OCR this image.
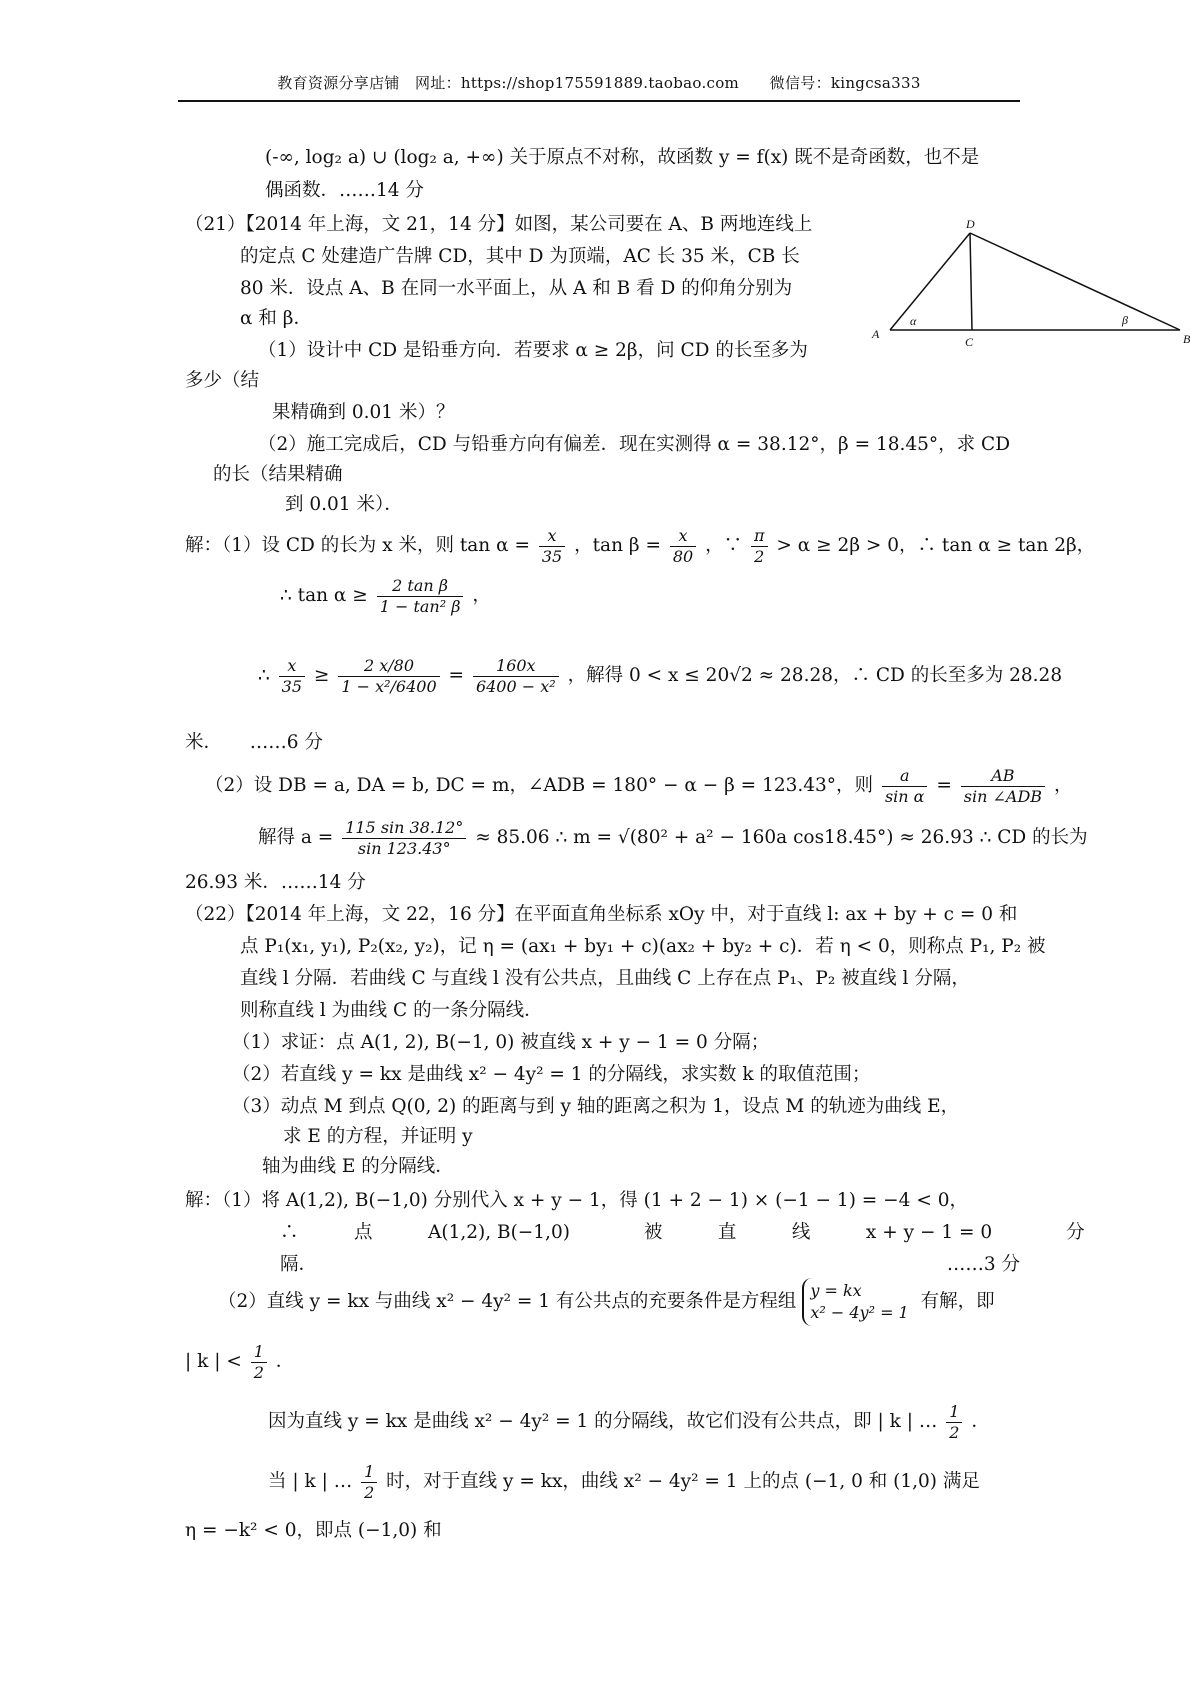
教育资源分享店铺　网址：https://shop175591889.taobao.com　　微信号：kingcsa333
(-∞, log₂ a) ∪ (log₂ a, +∞) 关于原点不对称，故函数 y = f(x) 既不是奇函数，也不是
偶函数．……14 分
（21）【2014 年上海，文 21，14 分】如图，某公司要在 A、B 两地连线上
的定点 C 处建造广告牌 CD，其中 D 为顶端，AC 长 35 米，CB 长
80 米．设点 A、B 在同一水平面上，从 A 和 B 看 D 的仰角分别为
α 和 β．
（1）设计中 CD 是铅垂方向．若要求 α ≥ 2β，问 CD 的长至多为
多少（结
果精确到 0.01 米）？
（2）施工完成后，CD 与铅垂方向有偏差．现在实测得 α = 38.12°，β = 18.45°，求 CD
的长（结果精确
到 0.01 米）．
A	B
C
D
α	β
解：（1）设 CD 的长为 x 米，则 $\tan \alpha = \frac{x}{35}$ ，$\tan \beta = \frac{x}{80}$ ，∵ $\frac{\pi}{2} > \alpha \ge 2\beta > 0$，∴ tan α ≥ tan 2β，
∴ $\tan \alpha \ge \frac{\text{2 tan β}}{\text{1 − tan² β}}$ ，
∴ $\frac{x}{35} \ge \frac{2 x/80}{\text{1 − x²/6400}} = \frac{160x}{\text{6400 − x²}}$ ，解得 0 < x ≤ 20√2 ≈ 28.28，∴ CD 的长至多为 28.28
米．　　……6 分
（2）设 DB = a, DA = b, DC = m，∠ADB = 180° − α − β = 123.43°，则 $\frac{a}{\text{sin α}} = \frac{AB}{\text{sin ∠ADB}}$ ，
解得 $a = \frac{115 \sin 38.12^\circ}{\sin 123.43^\circ} \approx 85.06$ ∴ m = √(80² + a² − 160a cos18.45°) ≈ 26.93 ∴ CD 的长为
26.93 米．……14 分
（22）【2014 年上海，文 22，16 分】在平面直角坐标系 xOy 中，对于直线 l: ax + by + c = 0 和
点 P₁(x₁, y₁), P₂(x₂, y₂)，记 η = (ax₁ + by₁ + c)(ax₂ + by₂ + c)．若 η < 0，则称点 P₁, P₂ 被
直线 l 分隔．若曲线 C 与直线 l 没有公共点，且曲线 C 上存在点 P₁、P₂ 被直线 l 分隔，
则称直线 l 为曲线 C 的一条分隔线．
（1）求证：点 A(1, 2), B(−1, 0) 被直线 x + y − 1 = 0 分隔；
（2）若直线 y = kx 是曲线 x² − 4y² = 1 的分隔线，求实数 k 的取值范围；
（3）动点 M 到点 Q(0, 2) 的距离与到 y 轴的距离之积为 1，设点 M 的轨迹为曲线 E，
求 E 的方程，并证明 y
轴为曲线 E 的分隔线．
解：（1）将 A(1,2), B(−1,0) 分别代入 x + y − 1，得 (1 + 2 − 1) × (−1 − 1) = −4 < 0，
∴　　　点　　　A(1,2), B(−1,0)　　　　被　　　直　　　线　　　x + y − 1 = 0　　　　分
隔．	……3 分
（2）直线 y = kx 与曲线 x² − 4y² = 1 有公共点的充要条件是方程组
y = kx
x² − 4y² = 1
有解，即
| k | < $\frac{1}{2}$ ．
因为直线 y = kx 是曲线 x² − 4y² = 1 的分隔线，故它们没有公共点，即 | k | … $\frac{1}{2}$ ．
当 | k | … $\frac{1}{2}$ 时，对于直线 y = kx，曲线 x² − 4y² = 1 上的点 (−1, 0 和 (1,0) 满足
η = −k² < 0，即点 (−1,0) 和
